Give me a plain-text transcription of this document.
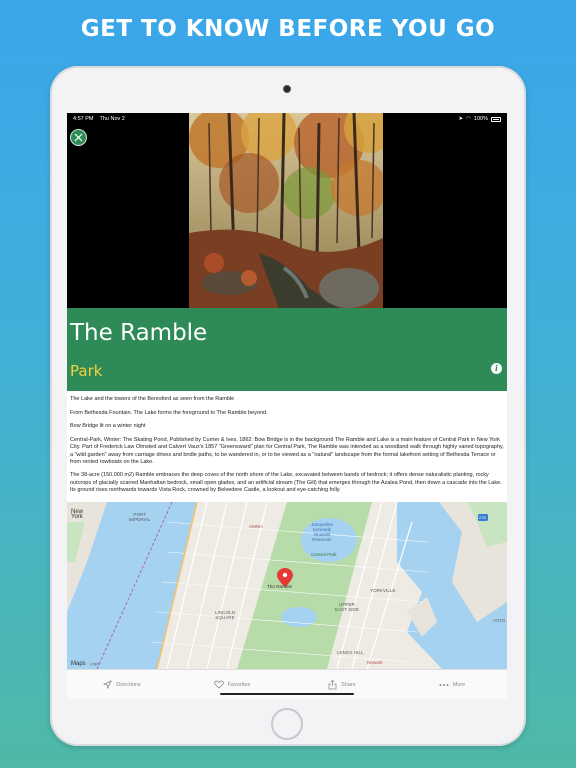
GET TO KNOW BEFORE YOU GO
4:57 PM Thu Nov 2	➤ ◠ 100%
The Ramble
Park	i

The Lake and the towers of the Beresford as seen from the Ramble

From Bethesda Fountain. The Lake forms the foreground to The Ramble beyond.

Bow Bridge lit on a winter night

Central-Park, Winter: The Skating Pond, Published by Currier & Ives, 1862: Bow Bridge is in the background The Ramble and Lake is a main feature of Central Park in New York City. Part of Frederick Law Olmsted and Calvert Vaux's 1857 "Greensward" plan for Central Park, The Ramble was intended as a woodland walk through highly varied topography, a "wild garden" away from carriage drives and bridle paths, to be wandered in, or to be viewed as a "natural" landscape from the formal lakefront setting of Bethesda Terrace or from rented rowboats on the Lake.

The 38-acre (150,000 m2) Ramble embraces the deep coves of the north shore of the Lake, excavated between bands of bedrock; it offers dense naturalistic planting, rocky outcrops of glacially scarred Manhattan bedrock, small open glades, and an artificial stream (The Gill) that emerges through the Azalea Pond, then down a cascade into the Lake. Its ground rises northwards towards Vista Rock, crowned by Belvedere Castle, a lookout and eye-catching folly.

New
York	PORT
IMPERIAL
AMNH	Jacqueline
Kennedy
Onassis
Reservoir
Central Park
YORKVILLE
LINCOLN
SQUARE
UPPER
EAST SIDE
LENOX HILL
ASTO
Newark
278
The Ramble
Maps Legal
Directions	Favorites	Share	More
